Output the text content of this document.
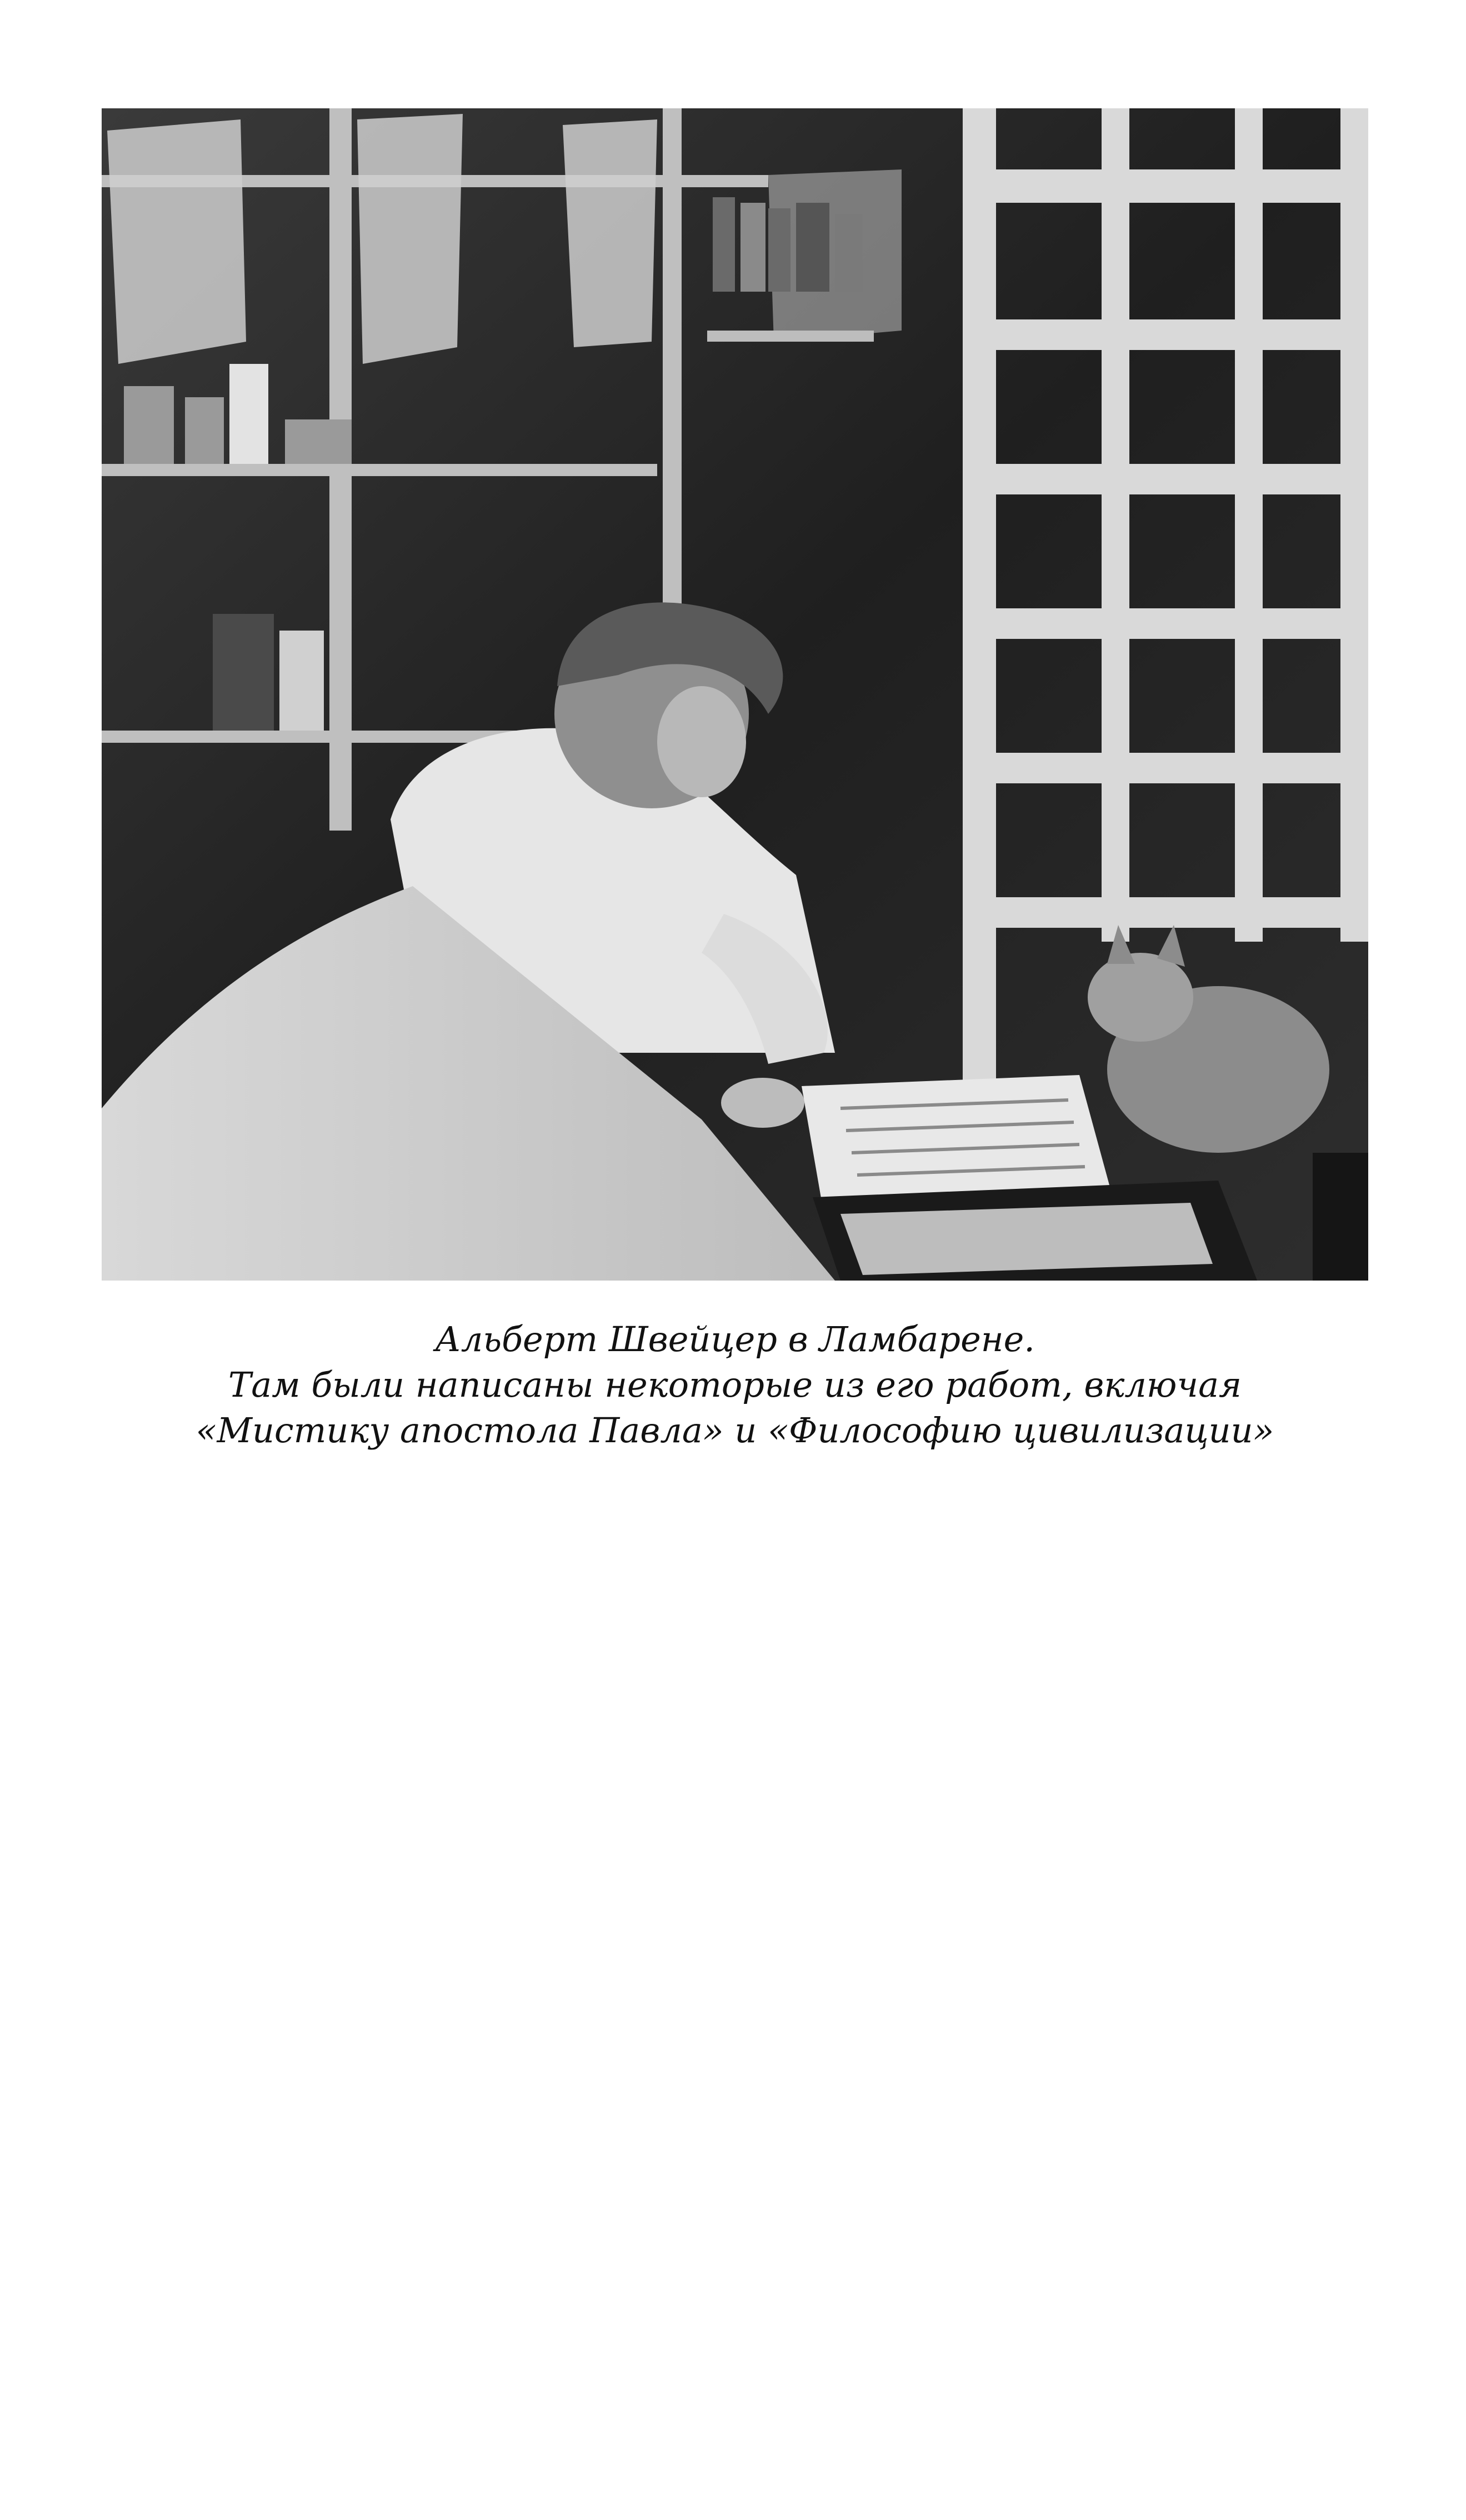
Альберт Швейцер в Ламбарене.
Там были написаны некоторые из его работ, включая
«Мистику апостола Павла» и «Философию цивилизации»
